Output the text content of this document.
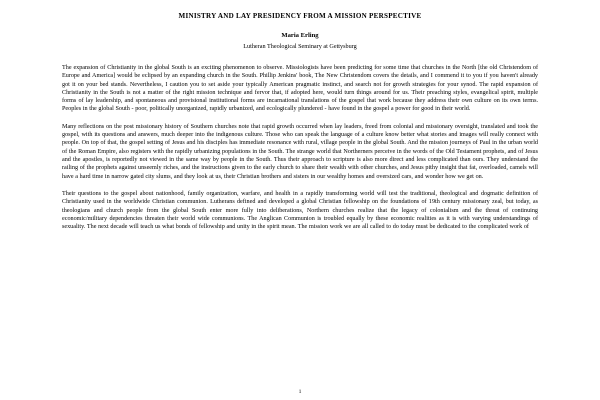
MINISTRY AND LAY PRESIDENCY FROM A MISSION PERSPECTIVE
Maria Erling
Lutheran Theological Seminary at Gettysburg

The expansion of Christianity in the global South is an exciting phenomenon to observe. Missiologists have been predicting for some time that churches in the North [the old Christendom of Europe and America] would be eclipsed by an expanding church in the South. Phillip Jenkins' book, The New Christendom covers the details, and I commend it to you if you haven't already got it on your bed stands. Nevertheless, I caution you to set aside your typically American pragmatic instinct, and search not for growth strategies for your synod. The rapid expansion of Christianity in the South is not a matter of the right mission technique and fervor that, if adopted here, would turn things around for us. Their preaching styles, evangelical spirit, multiple forms of lay leadership, and spontaneous and provisional institutional forms are incarnational translations of the gospel that work because they address their own culture on its own terms. Peoples in the global South - poor, politically unorganized, rapidly urbanized, and ecologically plundered - have found in the gospel a power for good in their world.

Many reflections on the post missionary history of Southern churches note that rapid growth occurred when lay leaders, freed from colonial and missionary oversight, translated and took the gospel, with its questions and answers, much deeper into the indigenous culture. Those who can speak the language of a culture know better what stories and images will really connect with people. On top of that, the gospel setting of Jesus and his disciples has immediate resonance with rural, village people in the global South. And the mission journeys of Paul in the urban world of the Roman Empire, also registers with the rapidly urbanizing populations in the South. The strange world that Northerners perceive in the words of the Old Testament prophets, and of Jesus and the apostles, is reportedly not viewed in the same way by people in the South. Thus their approach to scripture is also more direct and less complicated than ours. They understand the railing of the prophets against unseemly riches, and the instructions given to the early church to share their wealth with other churches, and Jesus pithy insight that fat, overloaded, camels will have a hard time in narrow gated city slums, and they look at us, their Christian brothers and sisters in our wealthy homes and oversized cars, and wonder how we get on.

Their questions to the gospel about nationhood, family organization, warfare, and health in a rapidly transforming world will test the traditional, theological and dogmatic definition of Christianity used in the worldwide Christian communion. Lutherans defined and developed a global Christian fellowship on the foundations of 19th century missionary zeal, but today, as theologians and church people from the global South enter more fully into deliberations, Northern churches realize that the legacy of colonialism and the threat of continuing economic/military dependencies threaten their world wide communions. The Anglican Communion is troubled equally by these economic realities as it is with varying understandings of sexuality. The next decade will teach us what bonds of fellowship and unity in the spirit mean. The mission work we are all called to do today must be dedicated to the complicated work of

1
